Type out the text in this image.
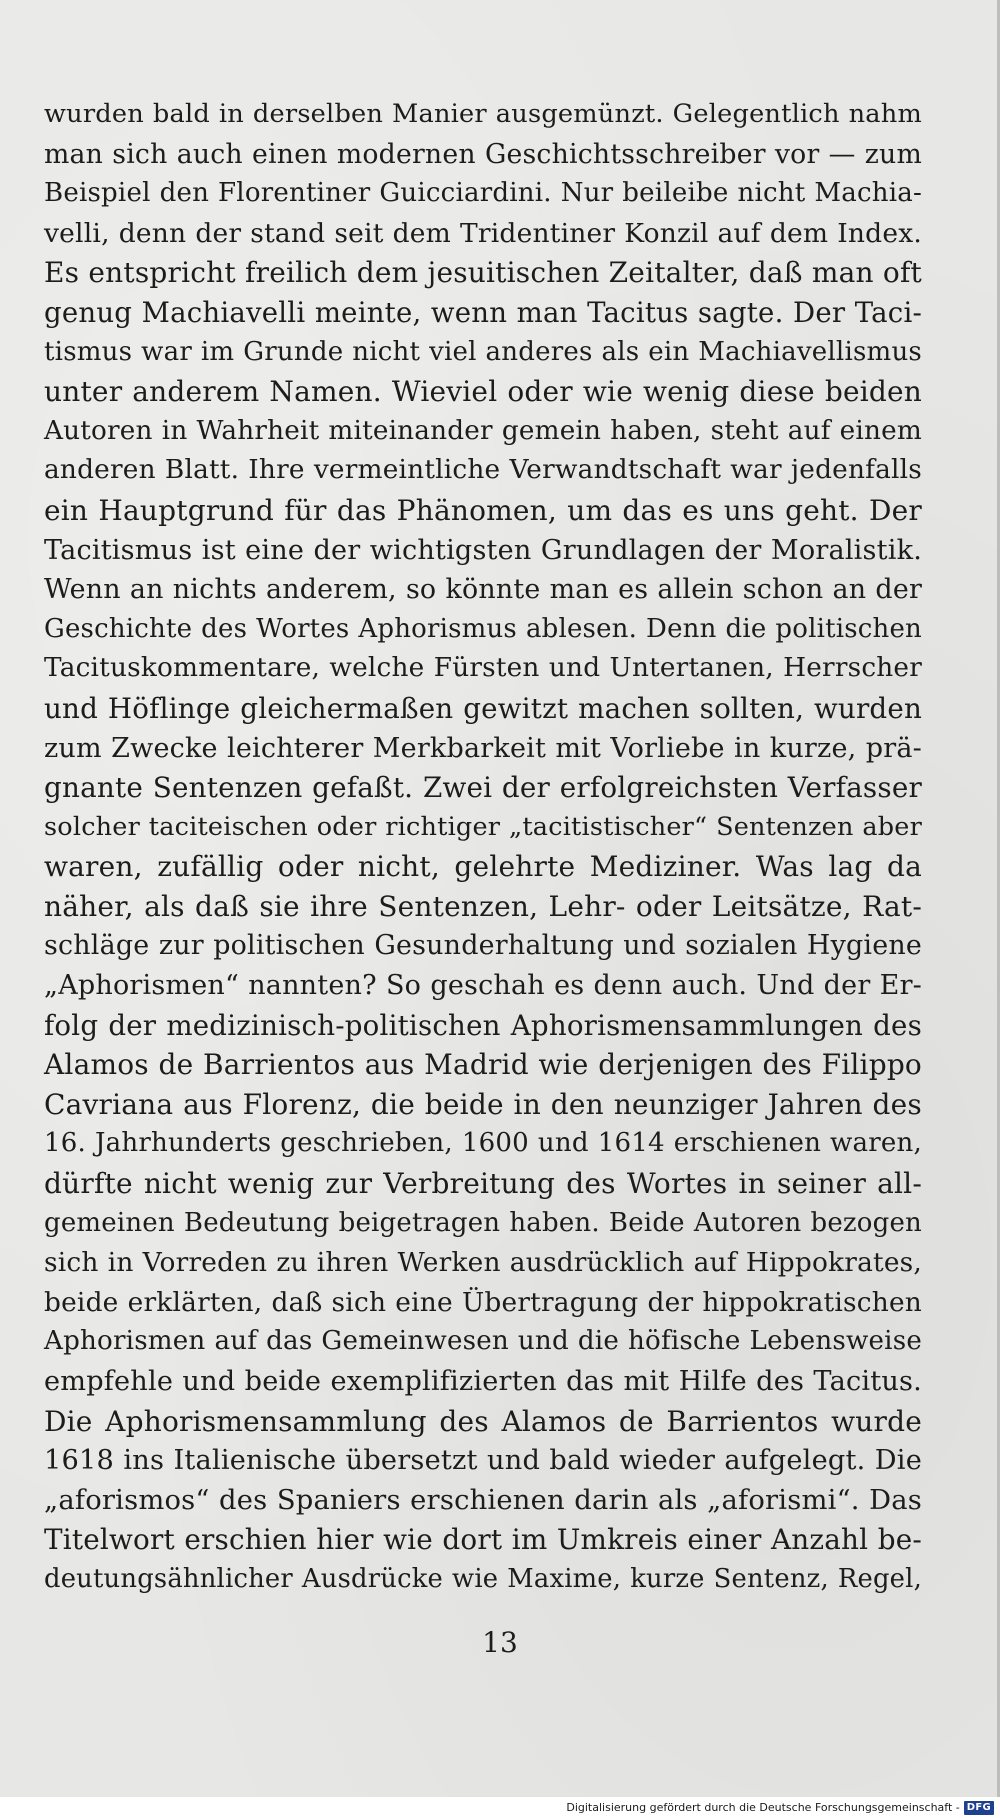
wurden bald in derselben Manier ausgemünzt. Gelegentlich nahm
man sich auch einen modernen Geschichtsschreiber vor — zum
Beispiel den Florentiner Guicciardini. Nur beileibe nicht Machia-
velli, denn der stand seit dem Tridentiner Konzil auf dem Index.
Es entspricht freilich dem jesuitischen Zeitalter, daß man oft
genug Machiavelli meinte, wenn man Tacitus sagte. Der Taci-
tismus war im Grunde nicht viel anderes als ein Machiavellismus
unter anderem Namen. Wieviel oder wie wenig diese beiden
Autoren in Wahrheit miteinander gemein haben, steht auf einem
anderen Blatt. Ihre vermeintliche Verwandtschaft war jedenfalls
ein Hauptgrund für das Phänomen, um das es uns geht. Der
Tacitismus ist eine der wichtigsten Grundlagen der Moralistik.
Wenn an nichts anderem, so könnte man es allein schon an der
Geschichte des Wortes Aphorismus ablesen. Denn die politischen
Tacituskommentare, welche Fürsten und Untertanen, Herrscher
und Höflinge gleichermaßen gewitzt machen sollten, wurden
zum Zwecke leichterer Merkbarkeit mit Vorliebe in kurze, prä-
gnante Sentenzen gefaßt. Zwei der erfolgreichsten Verfasser
solcher taciteischen oder richtiger „tacitistischer“ Sentenzen aber
waren, zufällig oder nicht, gelehrte Mediziner. Was lag da
näher, als daß sie ihre Sentenzen, Lehr- oder Leitsätze, Rat-
schläge zur politischen Gesunderhaltung und sozialen Hygiene
„Aphorismen“ nannten? So geschah es denn auch. Und der Er-
folg der medizinisch-politischen Aphorismensammlungen des
Alamos de Barrientos aus Madrid wie derjenigen des Filippo
Cavriana aus Florenz, die beide in den neunziger Jahren des
16. Jahrhunderts geschrieben, 1600 und 1614 erschienen waren,
dürfte nicht wenig zur Verbreitung des Wortes in seiner all-
gemeinen Bedeutung beigetragen haben. Beide Autoren bezogen
sich in Vorreden zu ihren Werken ausdrücklich auf Hippokrates,
beide erklärten, daß sich eine Übertragung der hippokratischen
Aphorismen auf das Gemeinwesen und die höfische Lebensweise
empfehle und beide exemplifizierten das mit Hilfe des Tacitus.
Die Aphorismensammlung des Alamos de Barrientos wurde
1618 ins Italienische übersetzt und bald wieder aufgelegt. Die
„aforismos“ des Spaniers erschienen darin als „aforismi“. Das
Titelwort erschien hier wie dort im Umkreis einer Anzahl be-
deutungsähnlicher Ausdrücke wie Maxime, kurze Sentenz, Regel,
13
Digitalisierung gefördert durch die Deutsche Forschungsgemeinschaft - DFG
